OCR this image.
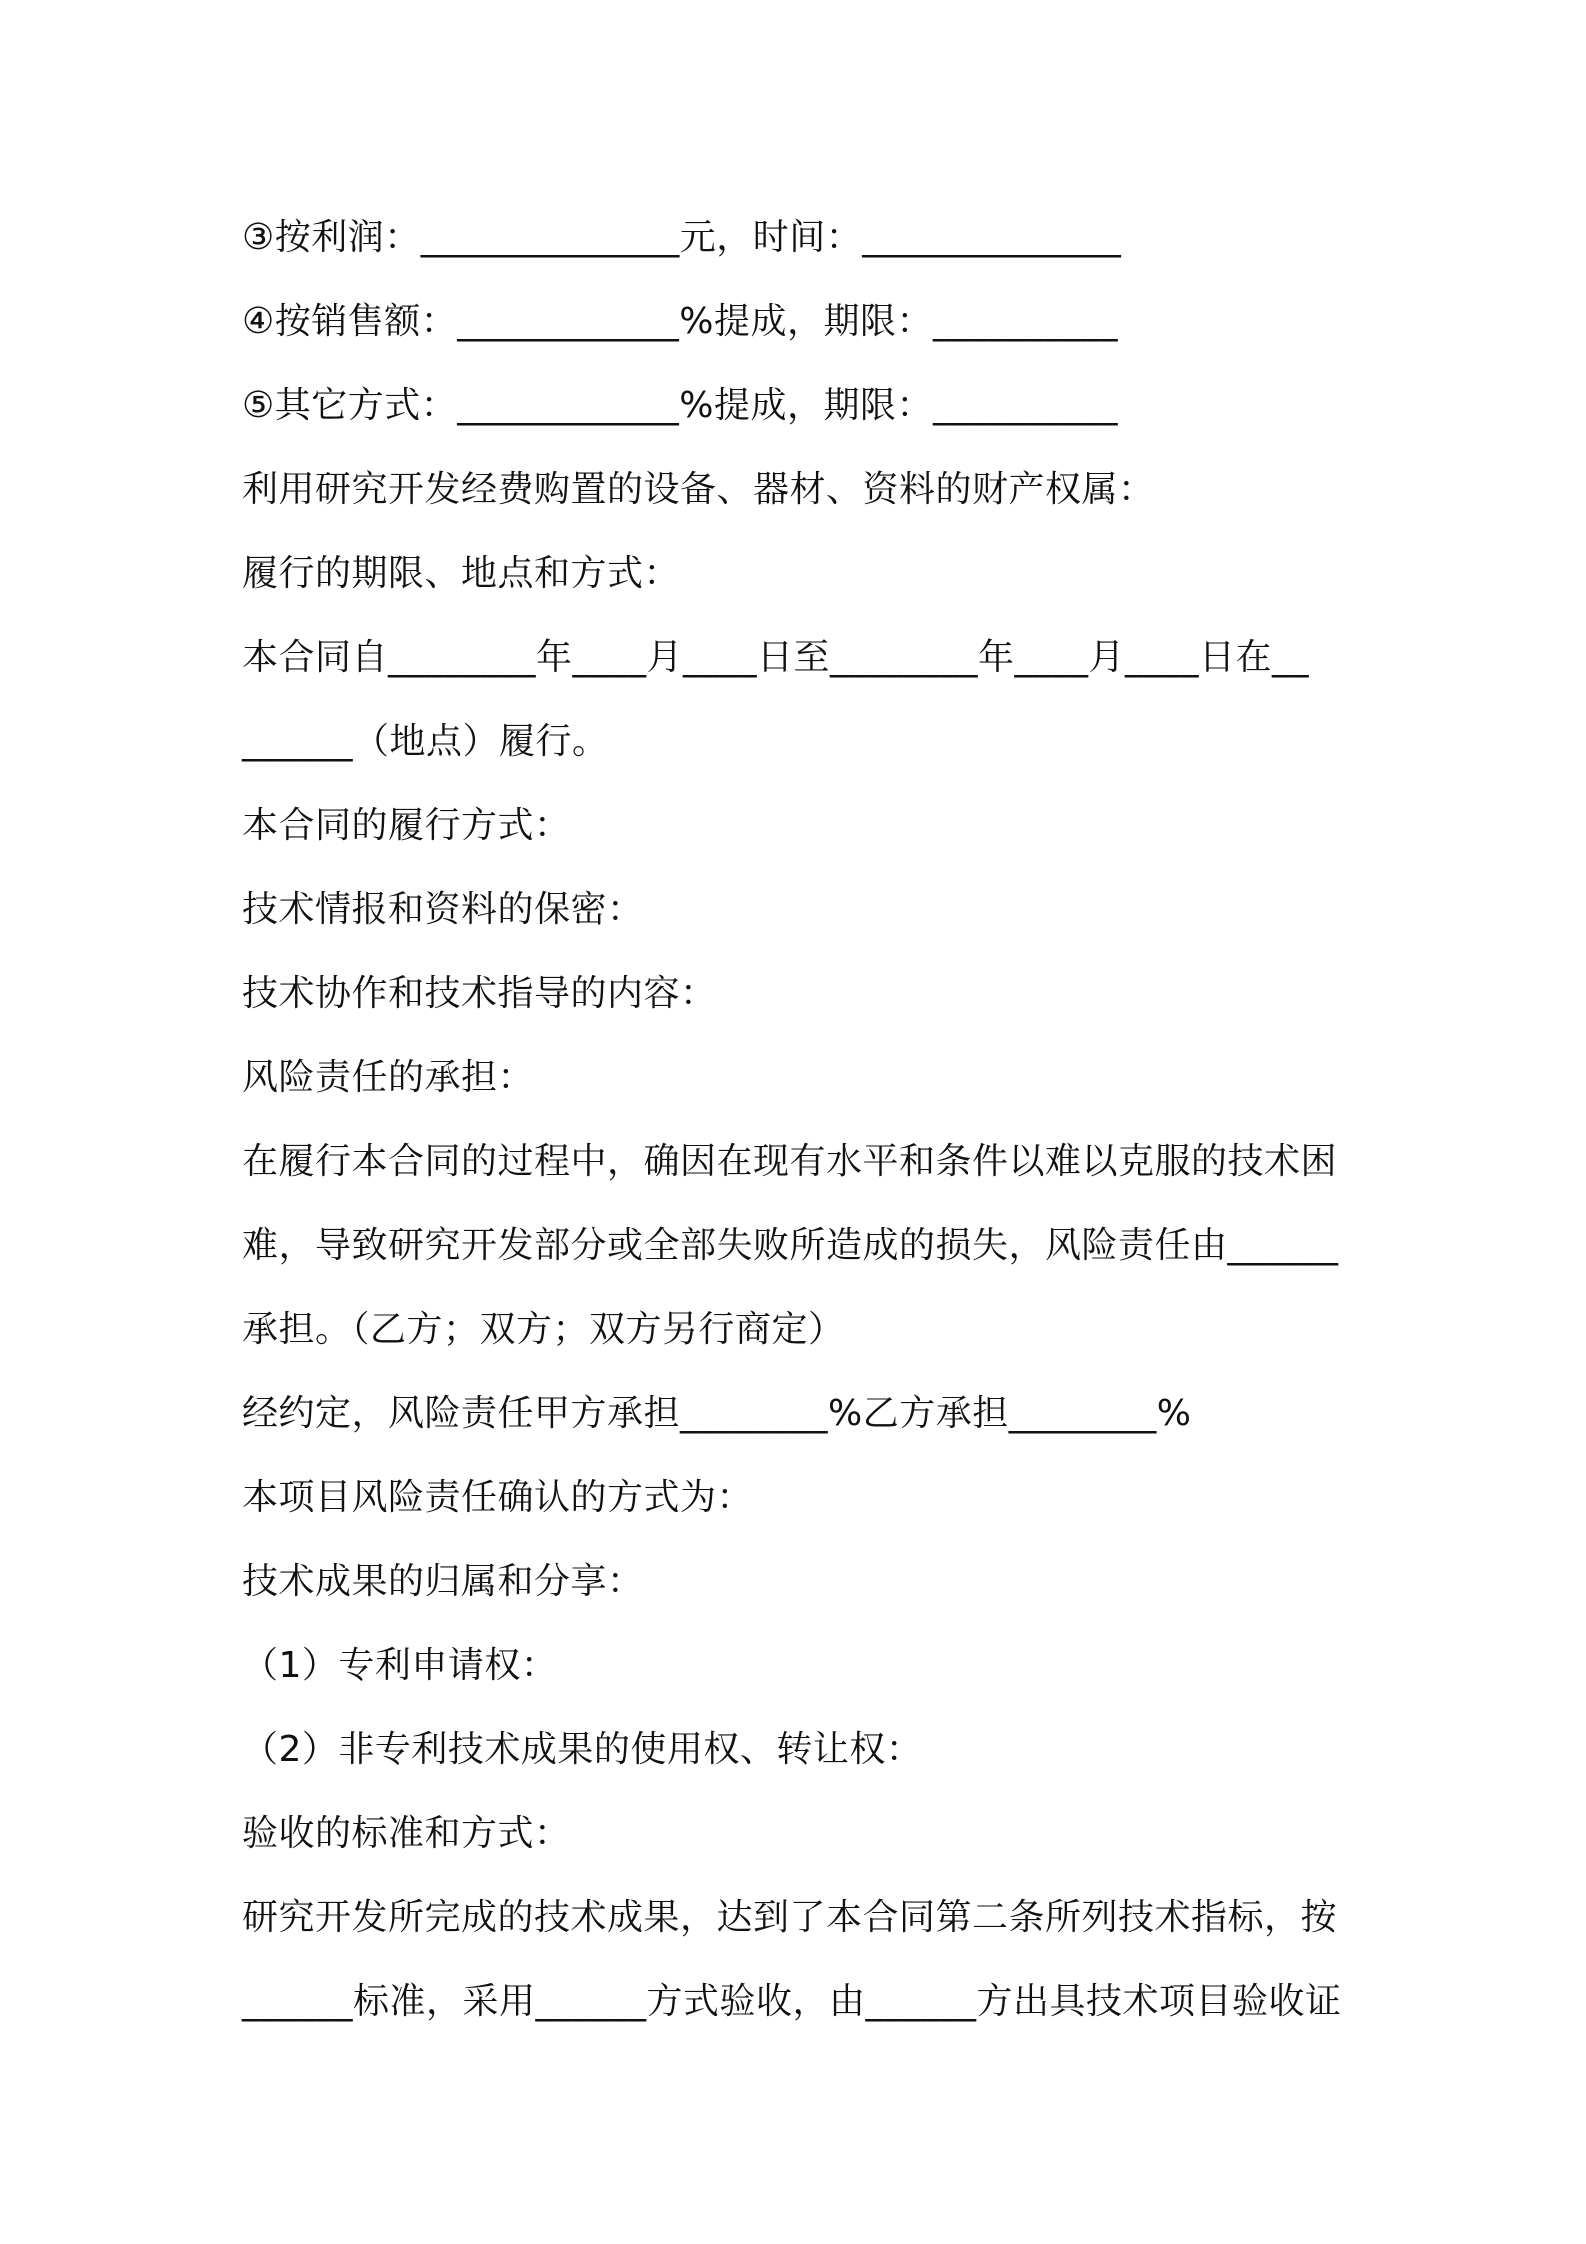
③按利润：______________元，时间：______________
④按销售额：____________%提成，期限：__________
⑤其它方式：____________%提成，期限：__________
利用研究开发经费购置的设备、器材、资料的财产权属：
履行的期限、地点和方式：
本合同自________年____月____日至________年____月____日在__
______（地点）履行。
本合同的履行方式：
技术情报和资料的保密：
技术协作和技术指导的内容：
风险责任的承担：
在履行本合同的过程中，确因在现有水平和条件以难以克服的技术困
难，导致研究开发部分或全部失败所造成的损失，风险责任由______
承担。（乙方；双方；双方另行商定）
经约定，风险责任甲方承担________%乙方承担________%
本项目风险责任确认的方式为：
技术成果的归属和分享：
（1）专利申请权：
（2）非专利技术成果的使用权、转让权：
验收的标准和方式：
研究开发所完成的技术成果，达到了本合同第二条所列技术指标，按
______标准，采用______方式验收，由______方出具技术项目验收证
